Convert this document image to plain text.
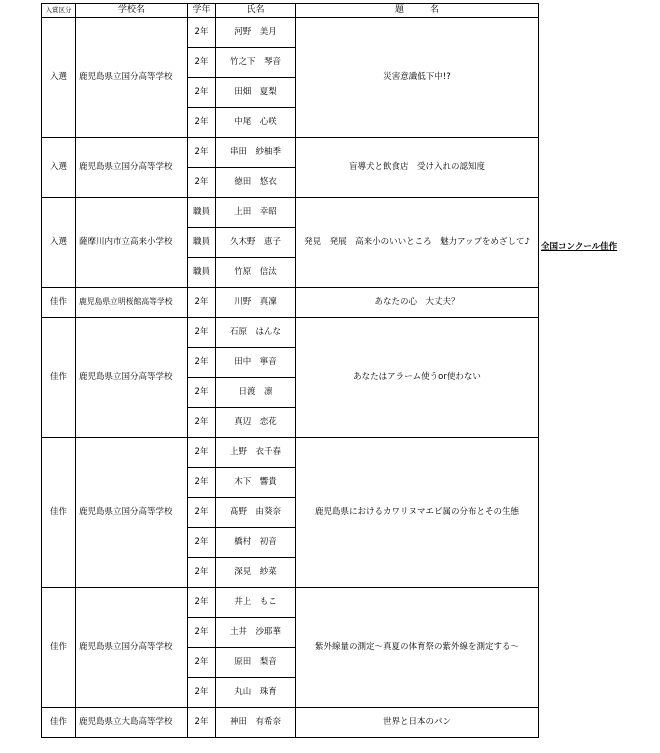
入賞区分	学校名	学年	氏名	題 名
入選	鹿児島県立国分高等学校	2年	河野　美月	災害意識低下中!?
		2年	竹之下　琴音	
		2年	田畑　夏梨	
		2年	中尾　心咲	
入選	鹿児島県立国分高等学校	2年	串田　紗柚季	盲導犬と飲食店　受け入れの認知度
		2年	徳田　悠衣	
入選	薩摩川内市立高来小学校	職員	上田　幸昭	発見　発展　高来小のいいところ　魅力アップをめざして♪
		職員	久木野　恵子	
		職員	竹原　信汰	
佳作	鹿児島県立明桜館高等学校	2年	川野　真凜	あなたの心　大丈夫？
佳作	鹿児島県立国分高等学校	2年	石原　はんな	あなたはアラーム使うor使わない
		2年	田中　寧音	
		2年	日渡　凛	
		2年	真辺　恋花	
佳作	鹿児島県立国分高等学校	2年	上野　衣千春	鹿児島県におけるカワリヌマエビ属の分布とその生態
		2年	木下　響貴	
		2年	髙野　由葵奈	
		2年	橋村　初音	
		2年	深見　紗菜	
佳作	鹿児島県立国分高等学校	2年	井上　もこ	紫外線量の測定～真夏の体育祭の紫外線を測定する～
		2年	土井　沙耶華	
		2年	原田　梨音	
		2年	丸山　珠育	
佳作	鹿児島県立大島高等学校	2年	神田　有希奈	世界と日本のパン
全国コンクール佳作
